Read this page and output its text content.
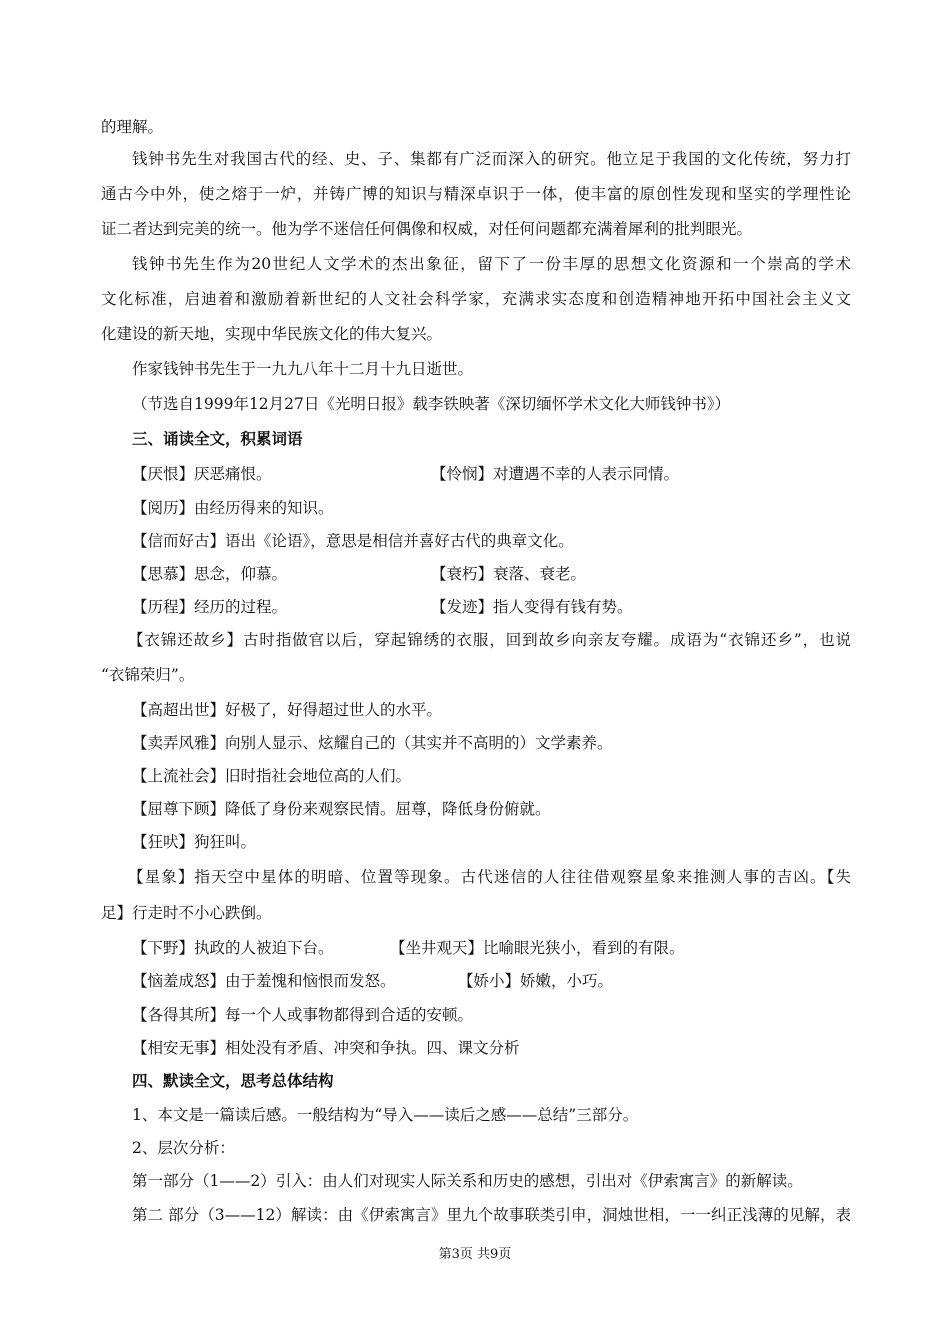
的理解。
钱钟书先生对我国古代的经、史、子、集都有广泛而深入的研究。他立足于我国的文化传统，努力打
通古今中外，使之熔于一炉，并铸广博的知识与精深卓识于一体，使丰富的原创性发现和坚实的学理性论
证二者达到完美的统一。他为学不迷信任何偶像和权威，对任何问题都充满着犀利的批判眼光。
钱钟书先生作为20世纪人文学术的杰出象征，留下了一份丰厚的思想文化资源和一个崇高的学术
文化标准，启迪着和激励着新世纪的人文社会科学家，充满求实态度和创造精神地开拓中国社会主义文
化建设的新天地，实现中华民族文化的伟大复兴。
作家钱钟书先生于一九九八年十二月十九日逝世。
（节选自1999年12月27日《光明日报》载李铁映著《深切缅怀学术文化大师钱钟书》）
三、诵读全文，积累词语
【厌恨】厌恶痛恨。	【怜悯】对遭遇不幸的人表示同情。
【阅历】由经历得来的知识。
【信而好古】语出《论语》，意思是相信并喜好古代的典章文化。
【思慕】思念，仰慕。	【衰朽】衰落、衰老。
【历程】经历的过程。	【发迹】指人变得有钱有势。
【衣锦还故乡】古时指做官以后，穿起锦绣的衣服，回到故乡向亲友夸耀。成语为“衣锦还乡”，也说
“衣锦荣归”。
【高超出世】好极了，好得超过世人的水平。
【卖弄风雅】向别人显示、炫耀自己的（其实并不高明的）文学素养。
【上流社会】旧时指社会地位高的人们。
【屈尊下顾】降低了身份来观察民情。屈尊，降低身份俯就。
【狂吠】狗狂叫。
【星象】指天空中星体的明暗、位置等现象。古代迷信的人往往借观察星象来推测人事的吉凶。【失
足】行走时不小心跌倒。
【下野】执政的人被迫下台。	【坐井观天】比喻眼光狭小，看到的有限。
【恼羞成怒】由于羞愧和恼恨而发怒。	【娇小】娇嫩，小巧。
【各得其所】每一个人或事物都得到合适的安顿。
【相安无事】相处没有矛盾、冲突和争执。四、课文分析
四、默读全文，思考总体结构
1、本文是一篇读后感。一般结构为“导入——读后之感——总结”三部分。
2、层次分析：
第一部分（1——2）引入：由人们对现实人际关系和历史的感想，引出对《伊索寓言》的新解读。
第二 部分（3——12）解读：由《伊索寓言》里九个故事联类引申，洞烛世相，一一纠正浅薄的见解，表
第3页 共9页
